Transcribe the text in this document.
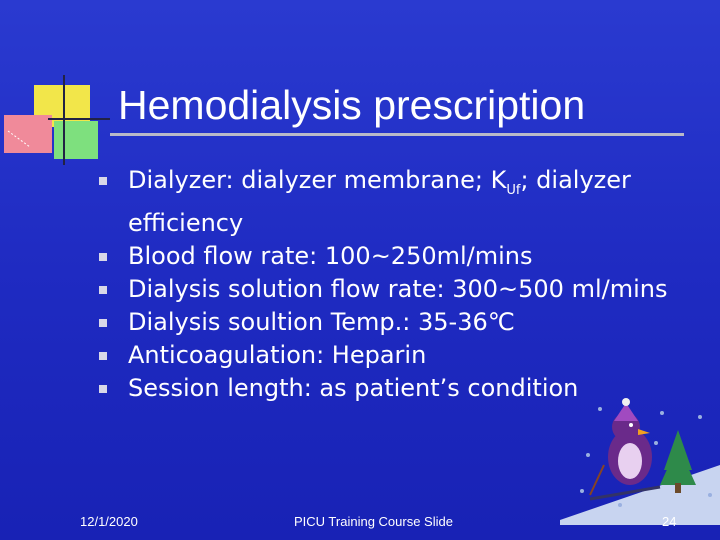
Hemodialysis prescription
Dialyzer: dialyzer membrane; $K_{Uf}$; dialyzer efficiency
Blood flow rate: 100~250ml/mins
Dialysis solution flow rate: 300~500 ml/mins
Dialysis soultion Temp.: 35-36℃
Anticoagulation: Heparin
Session length: as patient’s condition
12/1/2020	PICU Training Course Slide	24
